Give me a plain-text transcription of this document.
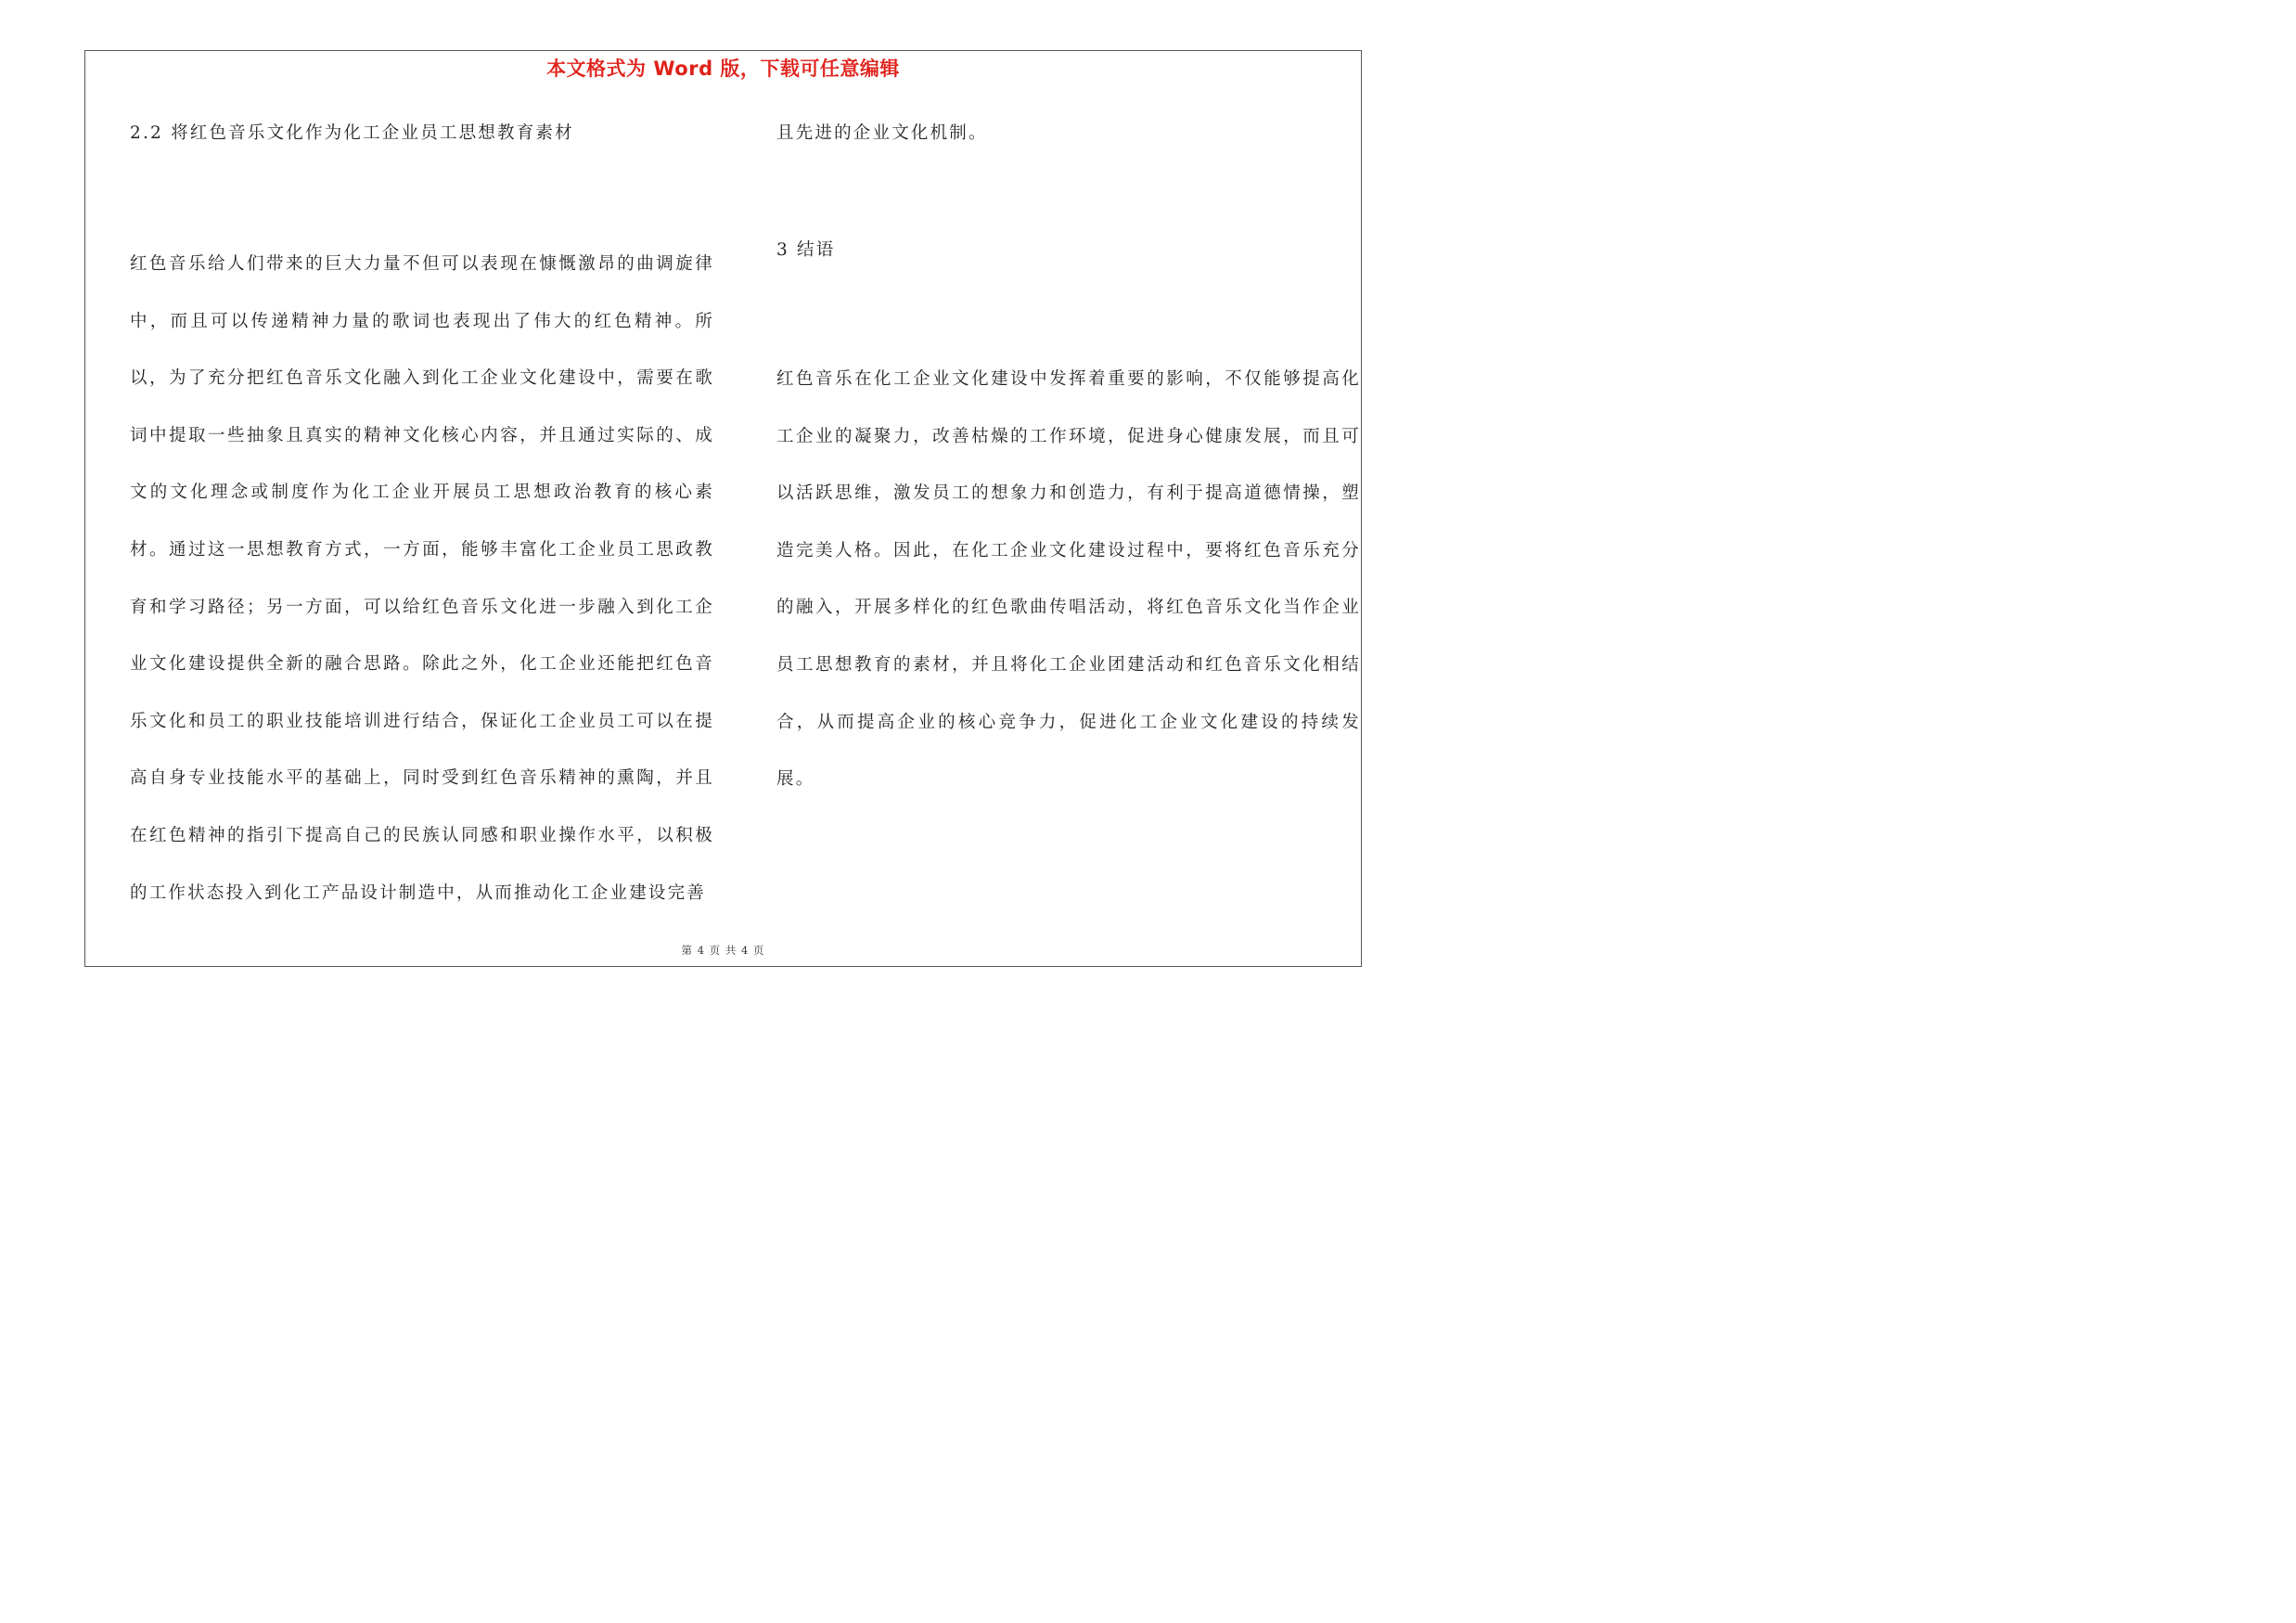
本文格式为 Word 版，下载可任意编辑

2.2 将红色音乐文化作为化工企业员工思想教育素材

红色音乐给人们带来的巨大力量不但可以表现在慷慨激昂的曲调旋律中，而且可以传递精神力量的歌词也表现出了伟大的红色精神。所以，为了充分把红色音乐文化融入到化工企业文化建设中，需要在歌词中提取一些抽象且真实的精神文化核心内容，并且通过实际的、成文的文化理念或制度作为化工企业开展员工思想政治教育的核心素材。通过这一思想教育方式，一方面，能够丰富化工企业员工思政教育和学习路径；另一方面，可以给红色音乐文化进一步融入到化工企业文化建设提供全新的融合思路。除此之外，化工企业还能把红色音乐文化和员工的职业技能培训进行结合，保证化工企业员工可以在提高自身专业技能水平的基础上，同时受到红色音乐精神的熏陶，并且在红色精神的指引下提高自己的民族认同感和职业操作水平，以积极的工作状态投入到化工产品设计制造中，从而推动化工企业建设完善

且先进的企业文化机制。

3 结语

红色音乐在化工企业文化建设中发挥着重要的影响，不仅能够提高化工企业的凝聚力，改善枯燥的工作环境，促进身心健康发展，而且可以活跃思维，激发员工的想象力和创造力，有利于提高道德情操，塑造完美人格。因此，在化工企业文化建设过程中，要将红色音乐充分的融入，开展多样化的红色歌曲传唱活动，将红色音乐文化当作企业员工思想教育的素材，并且将化工企业团建活动和红色音乐文化相结合，从而提高企业的核心竞争力，促进化工企业文化建设的持续发展。

第 4 页 共 4 页
